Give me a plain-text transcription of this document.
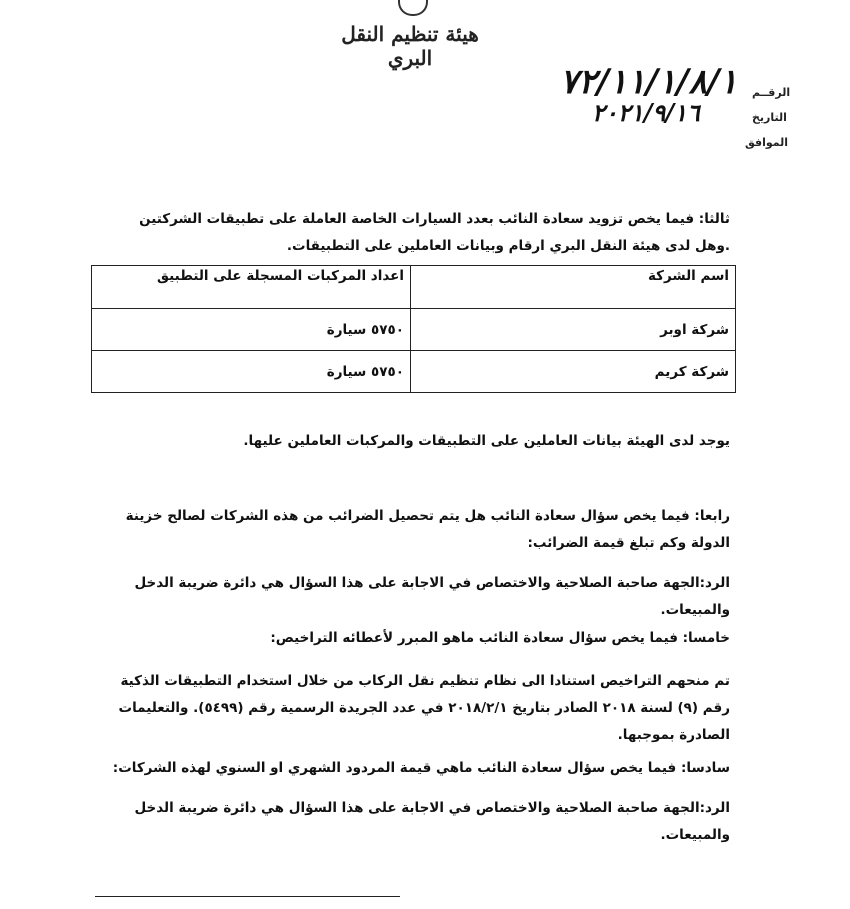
هيئة تنظيم النقل البري
٧٢/١١/١/٨/١ الرقــم
٢٠٢١/٩/١٦	التاريخ
الموافق
ثالثا: فيما يخص تزويد سعادة النائب بعدد السيارات الخاصة العاملة على تطبيقات الشركتين .وهل لدى هيئة النقل البري ارقام وبيانات العاملين على التطبيقات.
اسم الشركة	اعداد المركبات المسجلة على التطبيق
شركة اوبر	٥٧٥٠ سيارة
شركة كريم	٥٧٥٠ سيارة
يوجد لدى الهيئة بيانات العاملين على التطبيقات والمركبات العاملين عليها.
رابعا: فيما يخص سؤال سعادة النائب هل يتم تحصيل الضرائب من هذه الشركات لصالح خزينة الدولة وكم تبلغ قيمة الضرائب:
الرد:الجهة صاحبة الصلاحية والاختصاص في الاجابة على هذا السؤال هي دائرة ضريبة الدخل والمبيعات.
خامسا: فيما يخص سؤال سعادة النائب ماهو المبرر لأعطائه التراخيص:
تم منحهم التراخيص استنادا الى نظام تنظيم نقل الركاب من خلال استخدام التطبيقات الذكية رقم (٩) لسنة ٢٠١٨ الصادر بتاريخ ٢٠١٨/٢/١ في عدد الجريدة الرسمية رقم (٥٤٩٩). والتعليمات الصادرة بموجبها.
سادسا: فيما يخص سؤال سعادة النائب ماهي قيمة المردود الشهري او السنوي لهذه الشركات:
الرد:الجهة صاحبة الصلاحية والاختصاص في الاجابة على هذا السؤال هي دائرة ضريبة الدخل والمبيعات.
